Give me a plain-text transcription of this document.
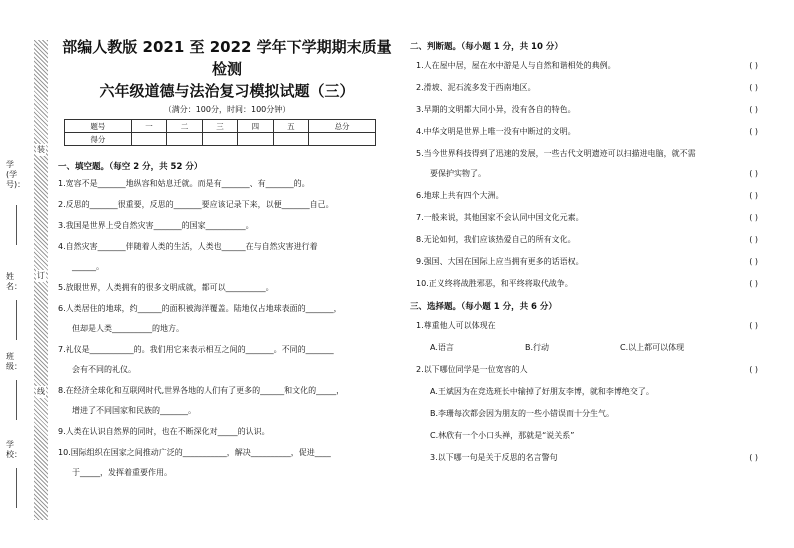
装
订
线
学(学号)：
姓名：
班级：
学校：

部编人教版 2021 至 2022 学年下学期期末质量检测

六年级道德与法治复习模拟试题（三）

（满分：100分，时间：100分钟）

题号	一	二	三	四	五	总分
得分						
一、填空题。（每空 2 分，共 52 分）
1.宽容不是_______地纵容和姑息迁就。而是有_______、有_______的。
2.反思的_______很重要，反思的_______要应该记录下来，以便_______自己。
3.我国是世界上受自然灾害_______的国家__________。
4.自然灾害_______伴随着人类的生活，人类也______在与自然灾害进行着
______。
5.放眼世界，人类拥有的很多文明成就，都可以__________。
6.人类居住的地球，约______的面积被海洋覆盖。陆地仅占地球表面的_______，
但却是人类__________的地方。
7.礼仪是___________的。我们用它来表示相互之间的_______。不同的_______
会有不同的礼仪。
8.在经济全球化和互联网时代,世界各地的人们有了更多的______和文化的_____，
增进了不同国家和民族的_______。
9.人类在认识自然界的同时，也在不断深化对_____的认识。
10.国际组织在国家之间推动广泛的___________，解决__________，促进____
于_____，发挥着重要作用。
二、判断题。（每小题 1 分，共 10 分）
1.人在屋中居，屋在水中游是人与自然和谐相处的典例。	( )
2.滑坡、泥石流多发于西南地区。	( )
3.早期的文明都大同小异，没有各自的特色。	( )
4.中华文明是世界上唯一没有中断过的文明。	( )
5.当今世界科技得到了迅速的发展，一些古代文明遗迹可以扫描进电脑，就不需
要保护实物了。	( )
6.地球上共有四个大洲。	( )
7.一般来说，其他国家不会认同中国文化元素。	( )
8.无论如何，我们应该热爱自己的所有文化。	( )
9.强国、大国在国际上应当拥有更多的话语权。	( )
10.正义终将战胜邪恶，和平终将取代战争。	( )
三、选择题。（每小题 1 分，共 6 分）
1.尊重他人可以体现在	( )
A.语言	B.行动	C.以上都可以体现
2.以下哪位同学是一位宽容的人	( )
A.王斌因为在竞选班长中输掉了好朋友李博，就和李博绝交了。
B.李珊每次都会因为朋友的一些小错误而十分生气。
C.林欣有一个小口头禅，那就是“说关系”
3.以下哪一句是关于反思的名言警句	( )
